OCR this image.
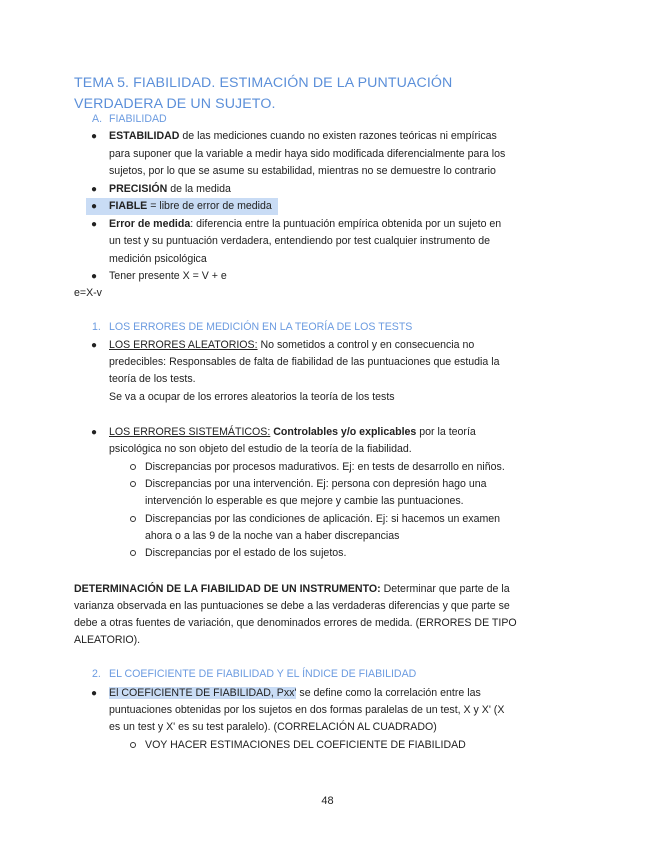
TEMA 5. FIABILIDAD. ESTIMACIÓN DE LA PUNTUACIÓN VERDADERA DE UN SUJETO.
A. FIABILIDAD
● ESTABILIDAD de las mediciones cuando no existen razones teóricas ni empíricas
para suponer que la variable a medir haya sido modificada diferencialmente para los
sujetos, por lo que se asume su estabilidad, mientras no se demuestre lo contrario
● PRECISIÓN de la medida
● FIABLE = libre de error de medida
● Error de medida: diferencia entre la puntuación empírica obtenida por un sujeto en
un test y su puntuación verdadera, entendiendo por test cualquier instrumento de
medición psicológica
● Tener presente X = V + e
e=X-v
1. LOS ERRORES DE MEDICIÓN EN LA TEORÍA DE LOS TESTS
● LOS ERRORES ALEATORIOS: No sometidos a control y en consecuencia no
predecibles: Responsables de falta de fiabilidad de las puntuaciones que estudia la
teoría de los tests.
Se va a ocupar de los errores aleatorios la teoría de los tests
● LOS ERRORES SISTEMÁTICOS: Controlables y/o explicables por la teoría
psicológica no son objeto del estudio de la teoría de la fiabilidad.
Discrepancias por procesos madurativos. Ej: en tests de desarrollo en niños.
Discrepancias por una intervención. Ej: persona con depresión hago una
intervención lo esperable es que mejore y cambie las puntuaciones.
Discrepancias por las condiciones de aplicación. Ej: si hacemos un examen
ahora o a las 9 de la noche van a haber discrepancias
Discrepancias por el estado de los sujetos.
DETERMINACIÓN DE LA FIABILIDAD DE UN INSTRUMENTO: Determinar que parte de la
varianza observada en las puntuaciones se debe a las verdaderas diferencias y que parte se
debe a otras fuentes de variación, que denominados errores de medida. (ERRORES DE TIPO
ALEATORIO).
2. EL COEFICIENTE DE FIABILIDAD Y EL ÍNDICE DE FIABILIDAD
● El COEFICIENTE DE FIABILIDAD, Pxx' se define como la correlación entre las
puntuaciones obtenidas por los sujetos en dos formas paralelas de un test, X y X' (X
es un test y X' es su test paralelo). (CORRELACIÓN AL CUADRADO)
VOY HACER ESTIMACIONES DEL COEFICIENTE DE FIABILIDAD
48
